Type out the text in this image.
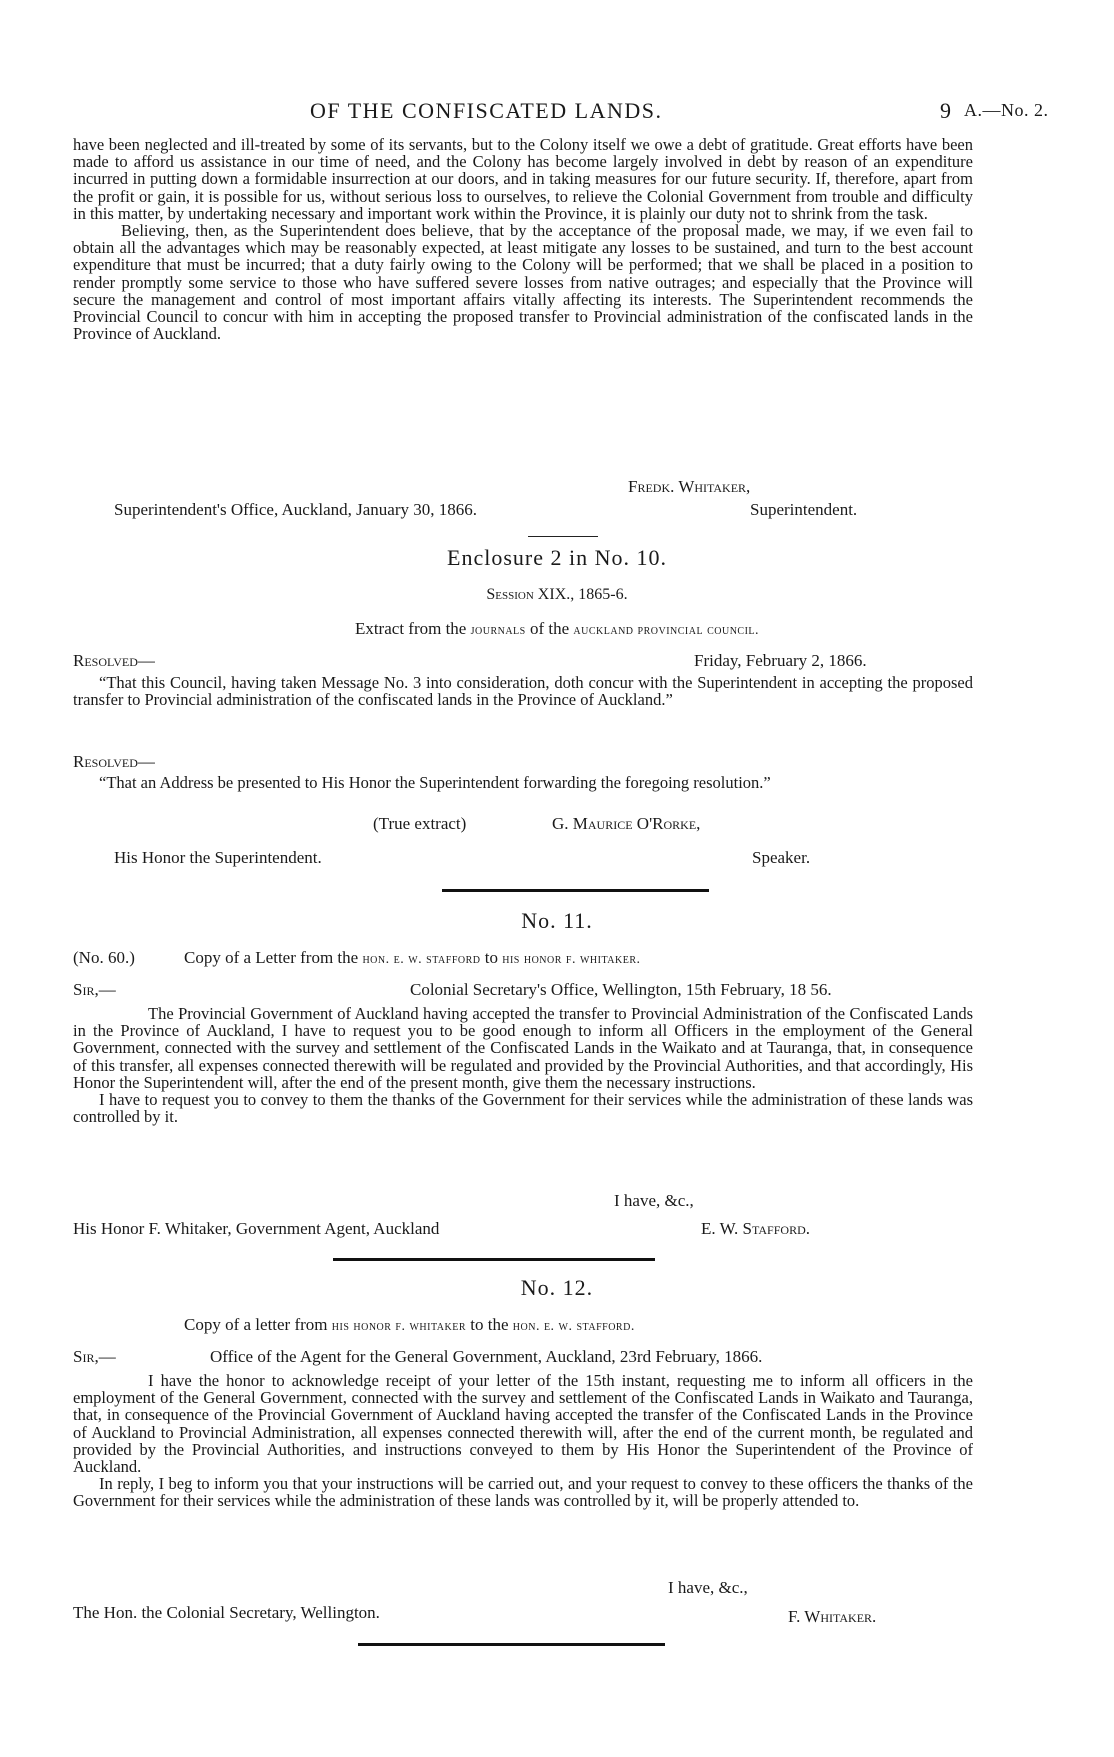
OF THE CONFISCATED LANDS.	9 A.—No. 2.

have been neglected and ill-treated by some of its servants, but to the Colony itself we owe a debt of gratitude. Great efforts have been made to afford us assistance in our time of need, and the Colony has become largely involved in debt by reason of an expenditure incurred in putting down a formidable insurrection at our doors, and in taking measures for our future security. If, therefore, apart from the profit or gain, it is possible for us, without serious loss to ourselves, to relieve the Colonial Government from trouble and difficulty in this matter, by undertaking necessary and important work within the Province, it is plainly our duty not to shrink from the task.

Believing, then, as the Superintendent does believe, that by the acceptance of the proposal made, we may, if we even fail to obtain all the advantages which may be reasonably expected, at least mitigate any losses to be sustained, and turn to the best account expenditure that must be incurred; that a duty fairly owing to the Colony will be performed; that we shall be placed in a position to render promptly some service to those who have suffered severe losses from native outrages; and especially that the Province will secure the management and control of most important affairs vitally affecting its interests. The Superintendent recommends the Provincial Council to concur with him in accepting the proposed transfer to Provincial administration of the confiscated lands in the Province of Auckland.

Fredk. Whitaker,
Superintendent's Office, Auckland, January 30, 1866.	Superintendent.
Enclosure 2 in No. 10.
Session XIX., 1865-6.
Extract from the journals of the auckland provincial council.
Resolved—	Friday, February 2, 1866.

“That this Council, having taken Message No. 3 into consideration, doth concur with the Superintendent in accepting the proposed transfer to Provincial administration of the confiscated lands in the Province of Auckland.”

Resolved—

“That an Address be presented to His Honor the Superintendent forwarding the foregoing resolution.”

(True extract)	G. Maurice O'Rorke,
His Honor the Superintendent.	Speaker.
No. 11.
(No. 60.)	Copy of a Letter from the hon. e. w. stafford to his honor f. whitaker.
Sir,—	Colonial Secretary's Office, Wellington, 15th February, 18 56.

The Provincial Government of Auckland having accepted the transfer to Provincial Administration of the Confiscated Lands in the Province of Auckland, I have to request you to be good enough to inform all Officers in the employment of the General Government, connected with the survey and settlement of the Confiscated Lands in the Waikato and at Tauranga, that, in consequence of this transfer, all expenses connected therewith will be regulated and provided by the Provincial Authorities, and that accordingly, His Honor the Superintendent will, after the end of the present month, give them the necessary instructions.

I have to request you to convey to them the thanks of the Government for their services while the administration of these lands was controlled by it.

I have, &c.,
His Honor F. Whitaker, Government Agent, Auckland	E. W. Stafford.
No. 12.
Copy of a letter from his honor f. whitaker to the hon. e. w. stafford.
Sir,—	Office of the Agent for the General Government, Auckland, 23rd February, 1866.

I have the honor to acknowledge receipt of your letter of the 15th instant, requesting me to inform all officers in the employment of the General Government, connected with the survey and settlement of the Confiscated Lands in Waikato and Tauranga, that, in consequence of the Provincial Government of Auckland having accepted the transfer of the Confiscated Lands in the Province of Auckland to Provincial Administration, all expenses connected therewith will, after the end of the current month, be regulated and provided by the Provincial Authorities, and instructions conveyed to them by His Honor the Superintendent of the Province of Auckland.

In reply, I beg to inform you that your instructions will be carried out, and your request to convey to these officers the thanks of the Government for their services while the administration of these lands was controlled by it, will be properly attended to.

I have, &c.,
The Hon. the Colonial Secretary, Wellington.	F. Whitaker.
